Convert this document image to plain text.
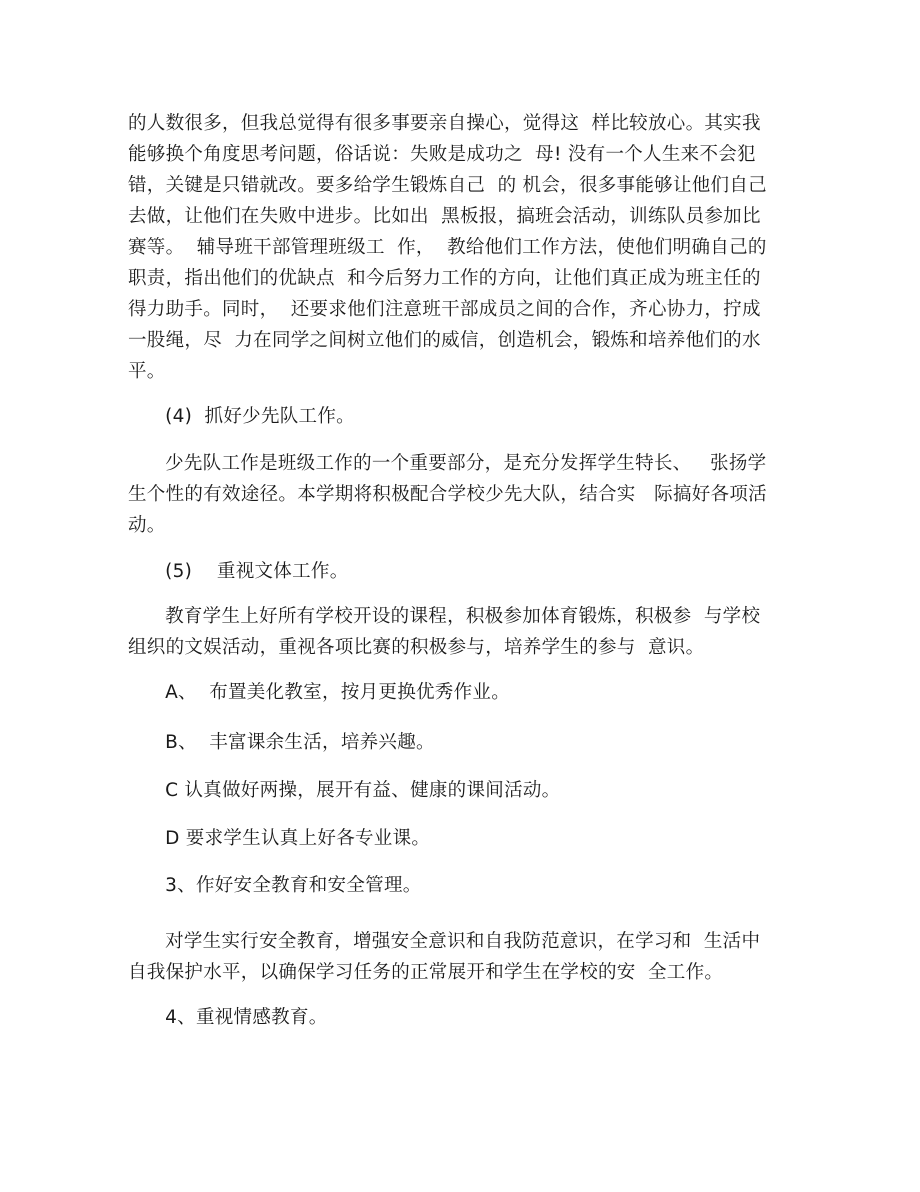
的人数很多，但我总觉得有很多事要亲自操心，觉得这  样比较放心。其实我
能够换个角度思考问题，俗话说：失败是成功之  母! 没有一个人生来不会犯
错，关键是只错就改。要多给学生锻炼自己  的 机会，很多事能够让他们自己
去做，让他们在失败中进步。比如出  黑板报，搞班会活动，训练队员参加比
赛等。  辅导班干部管理班级工  作，  教给他们工作方法，使他们明确自己的
职责，指出他们的优缺点  和今后努力工作的方向，让他们真正成为班主任的
得力助手。同时，  还要求他们注意班干部成员之间的合作，齐心协力，拧成
一股绳，尽  力在同学之间树立他们的威信，创造机会，锻炼和培养他们的水
平。
(4)  抓好少先队工作。
少先队工作是班级工作的一个重要部分，是充分发挥学生特长、   张扬学
生个性的有效途径。本学期将积极配合学校少先大队，结合实   际搞好各项活
动。
(5)    重视文体工作。
教育学生上好所有学校开设的课程，积极参加体育锻炼，积极参  与学校
组织的文娱活动，重视各项比赛的积极参与，培养学生的参与  意识。
A、  布置美化教室，按月更换优秀作业。
B、  丰富课余生活，培养兴趣。
C 认真做好两操，展开有益、健康的课间活动。
D 要求学生认真上好各专业课。
3、作好安全教育和安全管理。
对学生实行安全教育，增强安全意识和自我防范意识，在学习和  生活中
自我保护水平，以确保学习任务的正常展开和学生在学校的安  全工作。
4、重视情感教育。
